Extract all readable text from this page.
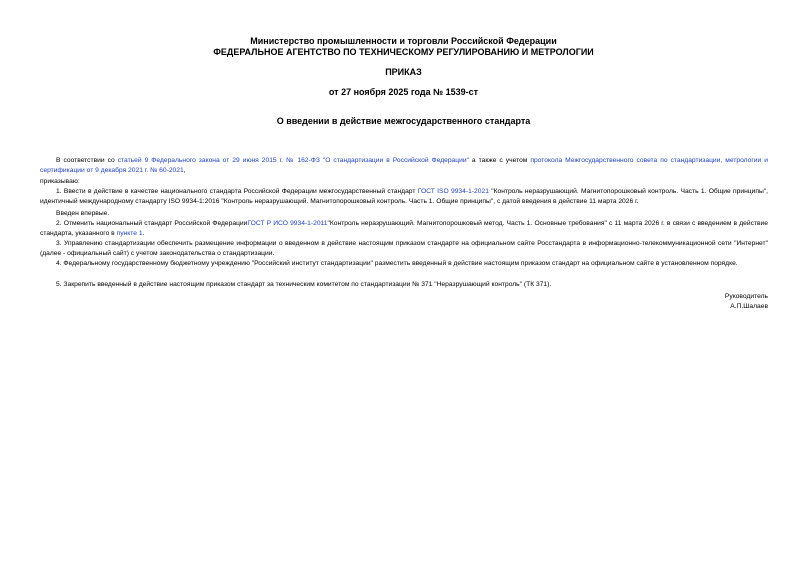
Министерство промышленности и торговли Российской Федерации
ФЕДЕРАЛЬНОЕ АГЕНТСТВО ПО ТЕХНИЧЕСКОМУ РЕГУЛИРОВАНИЮ И МЕТРОЛОГИИ
ПРИКАЗ
от 27 ноября 2025 года № 1539-ст
О введении в действие межгосударственного стандарта
В соответствии со статьей 9 Федерального закона от 29 июня 2015 г. № 162-ФЗ "О стандартизации в Российской Федерации" а также с учетом протокола Межгосударственного совета по стандартизации, метрологии и сертификации от 9 декабря 2021 г. № 60-2021,
приказываю:
1. Ввести в действие в качестве национального стандарта Российской Федерации межгосударственный стандарт ГОСТ ISO 9934-1-2021 "Контроль неразрушающий. Магнитопорошковый контроль. Часть 1. Общие принципы", идентичный международному стандарту ISO 9934-1:2016 "Контроль неразрушающий. Магнитопорошковый контроль. Часть 1. Общие принципы", с датой введения в действие 11 марта 2026 г.
Введен впервые.
2. Отменить национальный стандарт Российской ФедерацииГОСТ Р ИСО 9934-1-2011"Контроль неразрушающий. Магнитопорошковый метод. Часть 1. Основные требования" с 11 марта 2026 г. в связи с введением в действие стандарта, указанного в пункте 1.
3. Управлению стандартизации обеспечить размещение информации о введенном в действие настоящим приказом стандарте на официальном сайте Росстандарта в информационно-телекоммуникационной сети "Интернет" (далее - официальный сайт) с учетом законодательства о стандартизации.
4. Федеральному государственному бюджетному учреждению "Российский институт стандартизации" разместить введенный в действие настоящим приказом стандарт на официальном сайте в установленном порядке.
5. Закрепить введенный в действие настоящим приказом стандарт за техническим комитетом по стандартизации № 371 "Неразрушающий контроль" (ТК 371).
Руководитель
А.П.Шалаев
